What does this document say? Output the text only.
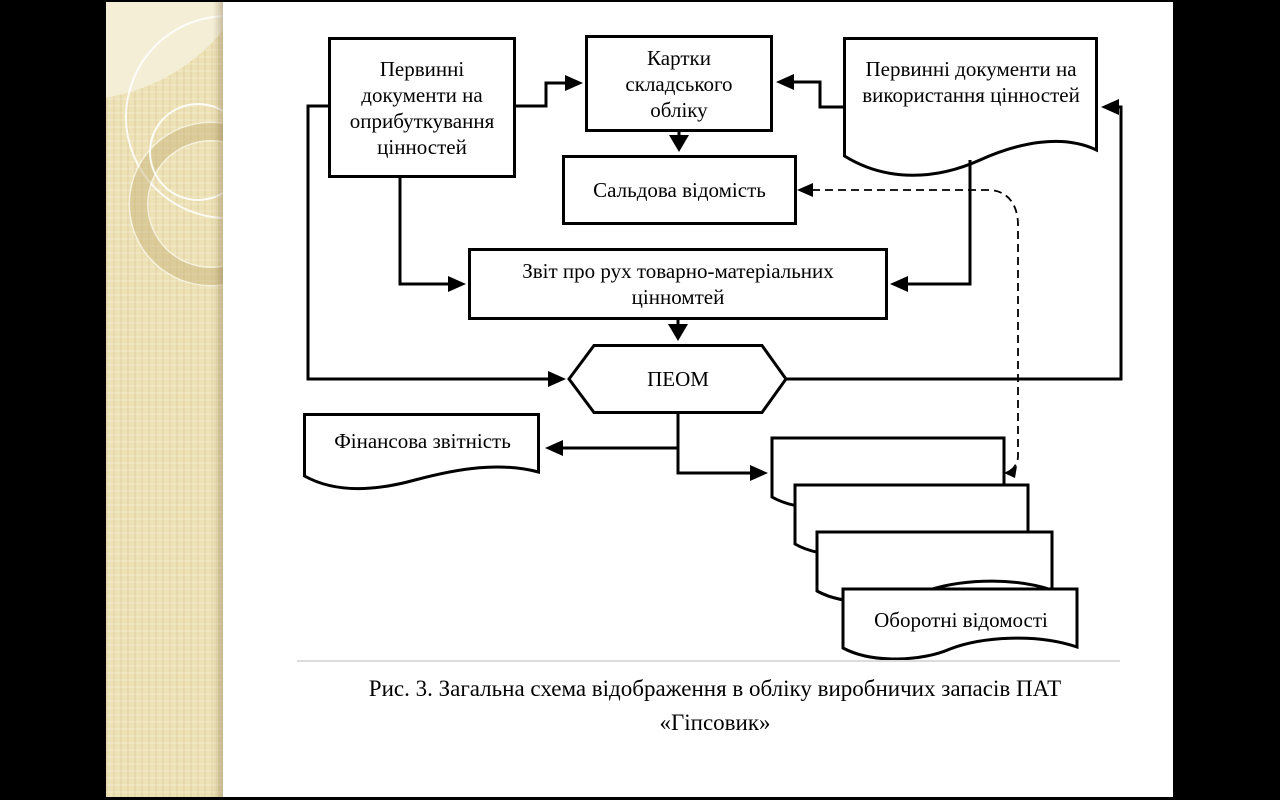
Первинні документи на оприбуткування цінностей
Картки складського обліку
Первинні документи на використання цінностей
Сальдова відомість
Звіт про рух товарно-матеріальних цінномтей
ПЕОМ
Фінансова звітність
Оборотні відомості
Рис. 3. Загальна схема відображення в обліку виробничих запасів ПАТ «Гіпсовик»
